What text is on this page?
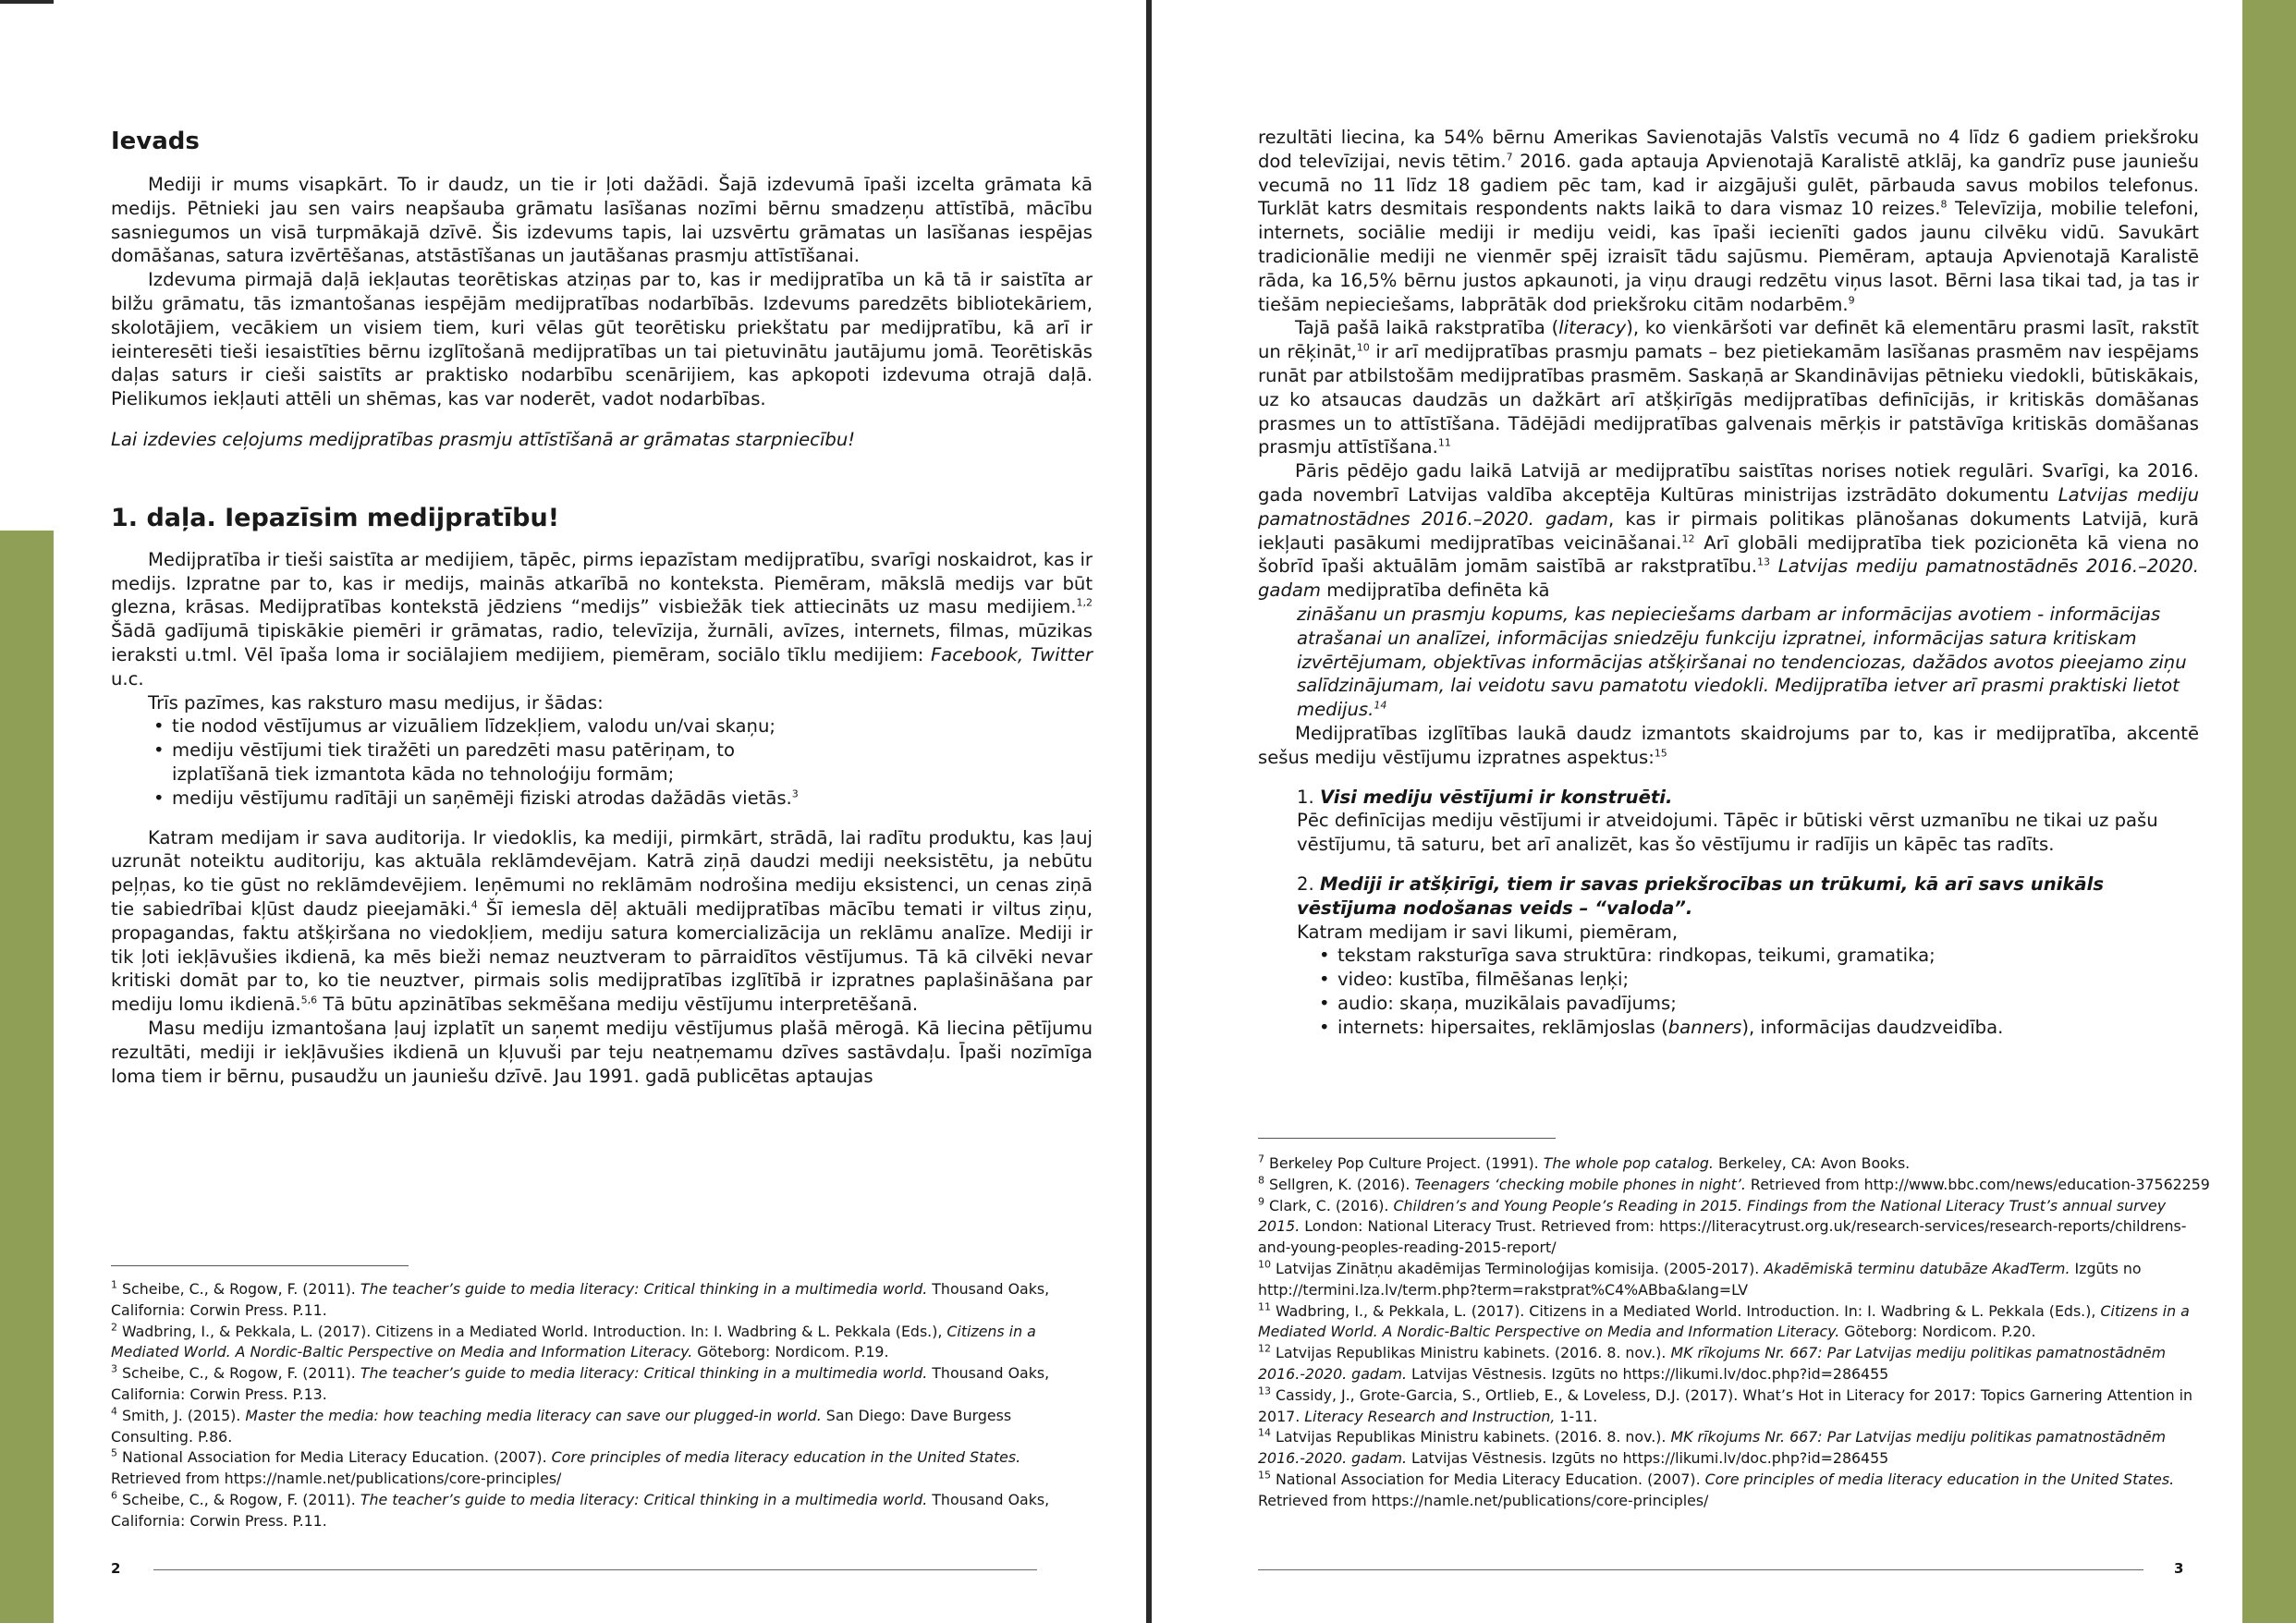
Ievads

Mediji ir mums visapkārt. To ir daudz, un tie ir ļoti dažādi. Šajā izdevumā īpaši izcelta grāmata kā medijs. Pētnieki jau sen vairs neapšauba grāmatu lasīšanas nozīmi bērnu smadzeņu attīstībā, mācību sasniegumos un visā turpmākajā dzīvē. Šis izdevums tapis, lai uzsvērtu grāmatas un lasīšanas iespējas domāšanas, satura izvērtēšanas, atstāstīšanas un jautāšanas prasmju attīstīšanai.

Izdevuma pirmajā daļā iekļautas teorētiskas atziņas par to, kas ir medijpratība un kā tā ir saistīta ar bilžu grāmatu, tās izmantošanas iespējām medijpratības nodarbībās. Izdevums paredzēts bibliotekāriem, skolotājiem, vecākiem un visiem tiem, kuri vēlas gūt teorētisku priekštatu par medijpratību, kā arī ir ieinteresēti tieši iesaistīties bērnu izglītošanā medijpratības un tai pietuvinātu jautājumu jomā. Teorētiskās daļas saturs ir cieši saistīts ar praktisko nodarbību scenārijiem, kas apkopoti izdevuma otrajā daļā. Pielikumos iekļauti attēli un shēmas, kas var noderēt, vadot nodarbības.

Lai izdevies ceļojums medijpratības prasmju attīstīšanā ar grāmatas starpniecību!

1. daļa. Iepazīsim medijpratību!

Medijpratība ir tieši saistīta ar medijiem, tāpēc, pirms iepazīstam medijpratību, svarīgi noskaidrot, kas ir medijs. Izpratne par to, kas ir medijs, mainās atkarībā no konteksta. Piemēram, mākslā medijs var būt glezna, krāsas. Medijpratības kontekstā jēdziens “medijs” visbiežāk tiek attiecināts uz masu medijiem.$^{1,2}$ Šādā gadījumā tipiskākie piemēri ir grāmatas, radio, televīzija, žurnāli, avīzes, internets, filmas, mūzikas ieraksti u.tml. Vēl īpaša loma ir sociālajiem medijiem, piemēram, sociālo tīklu medijiem: Facebook, Twitter u.c.

Trīs pazīmes, kas raksturo masu medijus, ir šādas:

• tie nodod vēstījumus ar vizuāliem līdzekļiem, valodu un/vai skaņu;
• mediju vēstījumi tiek tiražēti un paredzēti masu patēriņam, to izplatīšanā tiek izmantota kāda no tehnoloģiju formām;
• mediju vēstījumu radītāji un saņēmēji fiziski atrodas dažādās vietās.$^3$

Katram medijam ir sava auditorija. Ir viedoklis, ka mediji, pirmkārt, strādā, lai radītu produktu, kas ļauj uzrunāt noteiktu auditoriju, kas aktuāla reklāmdevējam. Katrā ziņā daudzi mediji neeksistētu, ja nebūtu peļņas, ko tie gūst no reklāmdevējiem. Ieņēmumi no reklāmām nodrošina mediju eksistenci, un cenas ziņā tie sabiedrībai kļūst daudz pieejamāki.$^4$ Šī iemesla dēļ aktuāli medijpratības mācību temati ir viltus ziņu, propagandas, faktu atšķiršana no viedokļiem, mediju satura komercializācija un reklāmu analīze. Mediji ir tik ļoti iekļāvušies ikdienā, ka mēs bieži nemaz neuztveram to pārraidītos vēstījumus. Tā kā cilvēki nevar kritiski domāt par to, ko tie neuztver, pirmais solis medijpratības izglītībā ir izpratnes paplašināšana par mediju lomu ikdienā.$^{5,6}$ Tā būtu apzinātības sekmēšana mediju vēstījumu interpretēšanā.

Masu mediju izmantošana ļauj izplatīt un saņemt mediju vēstījumus plašā mērogā. Kā liecina pētījumu rezultāti, mediji ir iekļāvušies ikdienā un kļuvuši par teju neatņemamu dzīves sastāvdaļu. Īpaši nozīmīga loma tiem ir bērnu, pusaudžu un jauniešu dzīvē. Jau 1991. gadā publicētas aptaujas

$^1$ Scheibe, C., & Rogow, F. (2011). The teacher’s guide to media literacy: Critical thinking in a multimedia world. Thousand Oaks, California: Corwin Press. P.11.

$^2$ Wadbring, I., & Pekkala, L. (2017). Citizens in a Mediated World. Introduction. In: I. Wadbring & L. Pekkala (Eds.), Citizens in a Mediated World. A Nordic-Baltic Perspective on Media and Information Literacy. Göteborg: Nordicom. P.19.

$^3$ Scheibe, C., & Rogow, F. (2011). The teacher’s guide to media literacy: Critical thinking in a multimedia world. Thousand Oaks, California: Corwin Press. P.13.

$^4$ Smith, J. (2015). Master the media: how teaching media literacy can save our plugged-in world. San Diego: Dave Burgess Consulting. P.86.

$^5$ National Association for Media Literacy Education. (2007). Core principles of media literacy education in the United States. Retrieved from https://namle.net/publications/core-principles/

$^6$ Scheibe, C., & Rogow, F. (2011). The teacher’s guide to media literacy: Critical thinking in a multimedia world. Thousand Oaks, California: Corwin Press. P.11.

2

rezultāti liecina, ka 54% bērnu Amerikas Savienotajās Valstīs vecumā no 4 līdz 6 gadiem priekšroku dod televīzijai, nevis tētim.$^7$ 2016. gada aptauja Apvienotajā Karalistē atklāj, ka gandrīz puse jauniešu vecumā no 11 līdz 18 gadiem pēc tam, kad ir aizgājuši gulēt, pārbauda savus mobilos telefonus. Turklāt katrs desmitais respondents nakts laikā to dara vismaz 10 reizes.$^8$ Televīzija, mobilie telefoni, internets, sociālie mediji ir mediju veidi, kas īpaši iecienīti gados jaunu cilvēku vidū. Savukārt tradicionālie mediji ne vienmēr spēj izraisīt tādu sajūsmu. Piemēram, aptauja Apvienotajā Karalistē rāda, ka 16,5% bērnu justos apkaunoti, ja viņu draugi redzētu viņus lasot. Bērni lasa tikai tad, ja tas ir tiešām nepieciešams, labprātāk dod priekšroku citām nodarbēm.$^9$

Tajā pašā laikā rakstpratība (literacy), ko vienkāršoti var definēt kā elementāru prasmi lasīt, rakstīt un rēķināt,$^{10}$ ir arī medijpratības prasmju pamats – bez pietiekamām lasīšanas prasmēm nav iespējams runāt par atbilstošām medijpratības prasmēm. Saskaņā ar Skandināvijas pētnieku viedokli, būtiskākais, uz ko atsaucas daudzās un dažkārt arī atšķirīgās medijpratības definīcijās, ir kritiskās domāšanas prasmes un to attīstīšana. Tādējādi medijpratības galvenais mērķis ir patstāvīga kritiskās domāšanas prasmju attīstīšana.$^{11}$

Pāris pēdējo gadu laikā Latvijā ar medijpratību saistītas norises notiek regulāri. Svarīgi, ka 2016. gada novembrī Latvijas valdība akceptēja Kultūras ministrijas izstrādāto dokumentu Latvijas mediju pamatnostādnes 2016.–2020. gadam, kas ir pirmais politikas plānošanas dokuments Latvijā, kurā iekļauti pasākumi medijpratības veicināšanai.$^{12}$ Arī globāli medijpratība tiek pozicionēta kā viena no šobrīd īpaši aktuālām jomām saistībā ar rakstpratību.$^{13}$ Latvijas mediju pamatnostādnēs 2016.–2020. gadam medijpratība definēta kā

zināšanu un prasmju kopums, kas nepieciešams darbam ar informācijas avotiem - informācijas atrašanai un analīzei, informācijas sniedzēju funkciju izpratnei, informācijas satura kritiskam izvērtējumam, objektīvas informācijas atšķiršanai no tendenciozas, dažādos avotos pieejamo ziņu salīdzinājumam, lai veidotu savu pamatotu viedokli. Medijpratība ietver arī prasmi praktiski lietot medijus.$^{14}$

Medijpratības izglītības laukā daudz izmantots skaidrojums par to, kas ir medijpratība, akcentē sešus mediju vēstījumu izpratnes aspektus:$^{15}$

1. Visi mediju vēstījumi ir konstruēti.

Pēc definīcijas mediju vēstījumi ir atveidojumi. Tāpēc ir būtiski vērst uzmanību ne tikai uz pašu vēstījumu, tā saturu, bet arī analizēt, kas šo vēstījumu ir radījis un kāpēc tas radīts.

2. Mediji ir atšķirīgi, tiem ir savas priekšrocības un trūkumi, kā arī savs unikāls vēstījuma nodošanas veids – “valoda”.

Katram medijam ir savi likumi, piemēram,

• tekstam raksturīga sava struktūra: rindkopas, teikumi, gramatika;
• video: kustība, filmēšanas leņķi;
• audio: skaņa, muzikālais pavadījums;
• internets: hipersaites, reklāmjoslas (banners), informācijas daudzveidība.

$^7$ Berkeley Pop Culture Project. (1991). The whole pop catalog. Berkeley, CA: Avon Books.

$^8$ Sellgren, K. (2016). Teenagers ‘checking mobile phones in night’. Retrieved from http://www.bbc.com/news/education-37562259

$^9$ Clark, C. (2016). Children’s and Young People’s Reading in 2015. Findings from the National Literacy Trust’s annual survey 2015. London: National Literacy Trust. Retrieved from: https://literacytrust.org.uk/research-services/research-reports/childrens-and-young-peoples-reading-2015-report/

$^{10}$ Latvijas Zinātņu akadēmijas Terminoloģijas komisija. (2005-2017). Akadēmiskā terminu datubāze AkadTerm. Izgūts no http://termini.lza.lv/term.php?term=rakstprat%C4%ABba&lang=LV

$^{11}$ Wadbring, I., & Pekkala, L. (2017). Citizens in a Mediated World. Introduction. In: I. Wadbring & L. Pekkala (Eds.), Citizens in a Mediated World. A Nordic-Baltic Perspective on Media and Information Literacy. Göteborg: Nordicom. P.20.

$^{12}$ Latvijas Republikas Ministru kabinets. (2016. 8. nov.). MK rīkojums Nr. 667: Par Latvijas mediju politikas pamatnostādnēm 2016.-2020. gadam. Latvijas Vēstnesis. Izgūts no https://likumi.lv/doc.php?id=286455

$^{13}$ Cassidy, J., Grote-Garcia, S., Ortlieb, E., & Loveless, D.J. (2017). What’s Hot in Literacy for 2017: Topics Garnering Attention in 2017. Literacy Research and Instruction, 1-11.

$^{14}$ Latvijas Republikas Ministru kabinets. (2016. 8. nov.). MK rīkojums Nr. 667: Par Latvijas mediju politikas pamatnostādnēm 2016.-2020. gadam. Latvijas Vēstnesis. Izgūts no https://likumi.lv/doc.php?id=286455

$^{15}$ National Association for Media Literacy Education. (2007). Core principles of media literacy education in the United States. Retrieved from https://namle.net/publications/core-principles/

3
